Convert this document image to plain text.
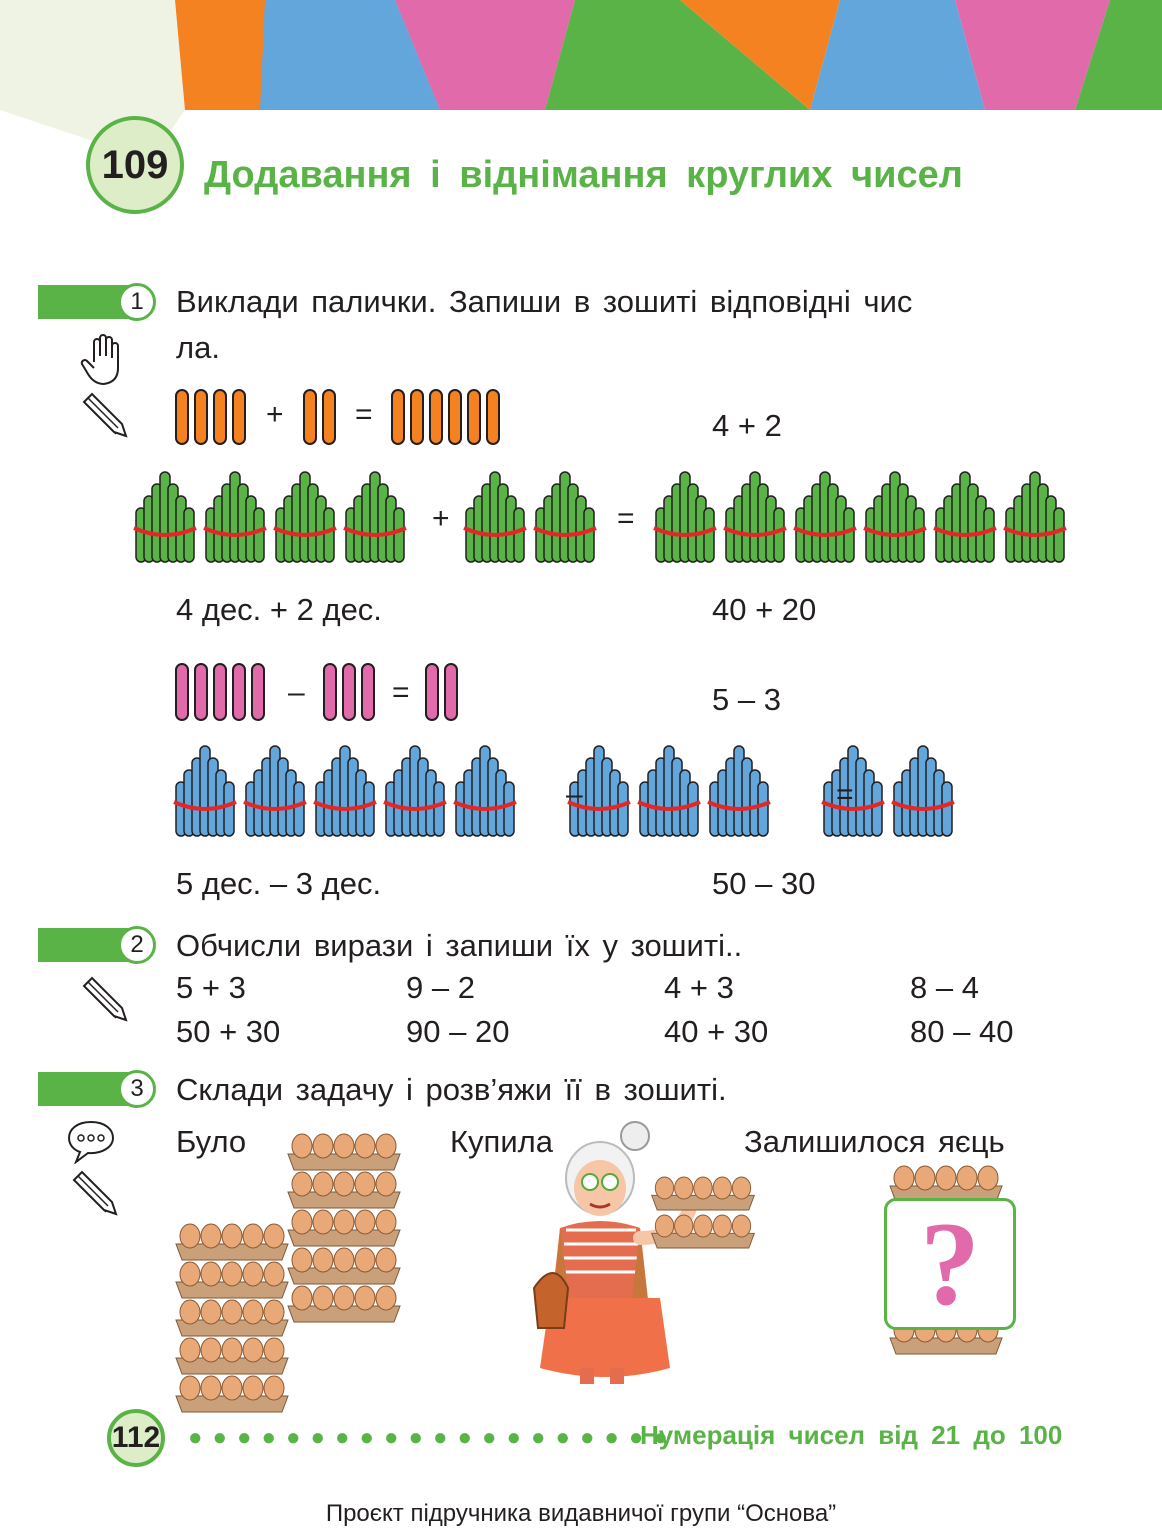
109 Додавання і віднімання круглих чисел
1	Виклади палички. Запиши в зошиті відповідні чис
ла.
+ =	4 + 2
+	=
4 дес. + 2 дес.	40 + 20
–	=	5 – 3
–	=
5 дес. – 3 дес.	50 – 30
2	Обчисли вирази і запиши їх у зошиті..
5 + 3	9 – 2	4 + 3	8 – 4
50 + 30	90 – 20	40 + 30	80 – 40
3	Склади задачу і розв’яжи її в зошиті.
Було	Купила	Залишилося яєць
?
112 ●●●●●●●●●●●●●●●●●●●●
Нумерація чисел від 21 до 100
Проєкт підручника видавничої групи “Основа”
